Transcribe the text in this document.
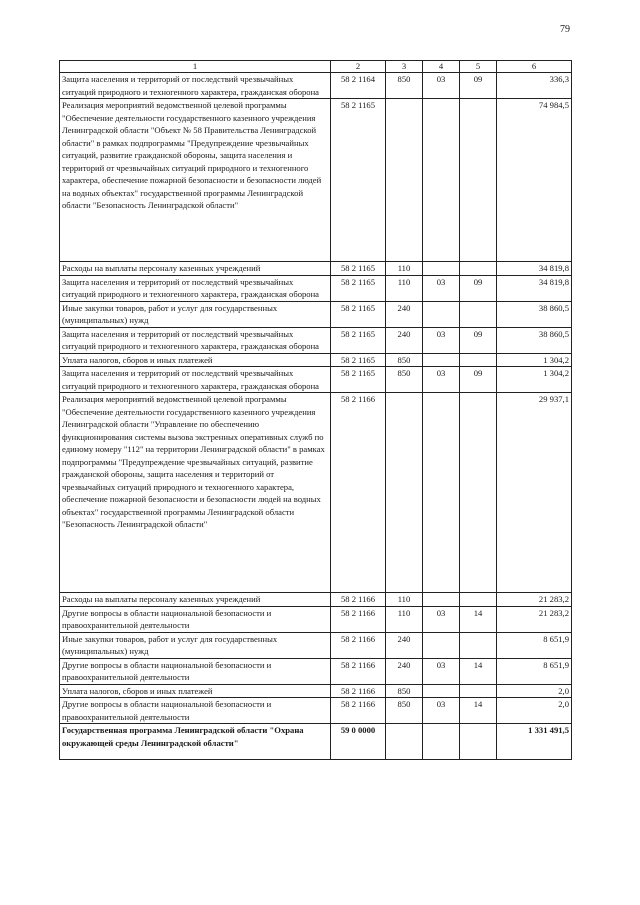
79
1	2	3	4	5	6
Защита населения и территорий от последствий чрезвычайных ситуаций природного и техногенного характера, гражданская оборона	58 2 1164	850	03	09	336,3
Реализация мероприятий ведомственной целевой программы "Обеспечение деятельности государственного казенного учреждения Ленинградской области "Объект № 58 Правительства Ленинградской области" в рамках подпрограммы "Предупреждение чрезвычайных ситуаций, развитие гражданской обороны, защита населения и территорий от чрезвычайных ситуаций природного и техногенного характера, обеспечение пожарной безопасности и безопасности людей на водных объектах" государственной программы Ленинградской области "Безопасность Ленинградской области"	58 2 1165				74 984,5
Расходы на выплаты персоналу казенных учреждений	58 2 1165	110			34 819,8
Защита населения и территорий от последствий чрезвычайных ситуаций природного и техногенного характера, гражданская оборона	58 2 1165	110	03	09	34 819,8
Иные закупки товаров, работ и услуг для государственных (муниципальных) нужд	58 2 1165	240			38 860,5
Защита населения и территорий от последствий чрезвычайных ситуаций природного и техногенного характера, гражданская оборона	58 2 1165	240	03	09	38 860,5
Уплата налогов, сборов и иных платежей	58 2 1165	850			1 304,2
Защита населения и территорий от последствий чрезвычайных ситуаций природного и техногенного характера, гражданская оборона	58 2 1165	850	03	09	1 304,2
Реализация мероприятий ведомственной целевой программы "Обеспечение деятельности государственного казенного учреждения Ленинградской области "Управление по обеспечению функционирования системы вызова экстренных оперативных служб по единому номеру "112" на территории Ленинградской области" в рамках подпрограммы "Предупреждение чрезвычайных ситуаций, развитие гражданской обороны, защита населения и территорий от чрезвычайных ситуаций природного и техногенного характера, обеспечение пожарной безопасности и безопасности людей на водных объектах" государственной программы Ленинградской области "Безопасность Ленинградской области"	58 2 1166				29 937,1
Расходы на выплаты персоналу казенных учреждений	58 2 1166	110			21 283,2
Другие вопросы в области национальной безопасности и правоохранительной деятельности	58 2 1166	110	03	14	21 283,2
Иные закупки товаров, работ и услуг для государственных (муниципальных) нужд	58 2 1166	240			8 651,9
Другие вопросы в области национальной безопасности и правоохранительной деятельности	58 2 1166	240	03	14	8 651,9
Уплата налогов, сборов и иных платежей	58 2 1166	850			2,0
Другие вопросы в области национальной безопасности и правоохранительной деятельности	58 2 1166	850	03	14	2,0
Государственная программа Ленинградской области "Охрана окружающей среды Ленинградской области"	59 0 0000				1 331 491,5
